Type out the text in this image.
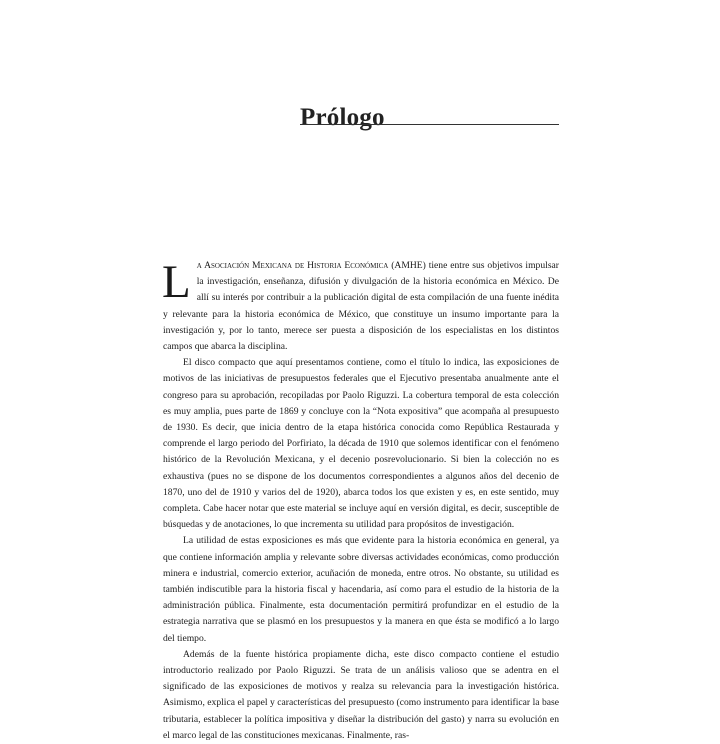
Prólogo

La Asociación Mexicana de Historia Económica (AMHE) tiene entre sus objetivos impulsar la investigación, enseñanza, difusión y divulgación de la historia económica en México. De allí su interés por contribuir a la publicación digital de esta compilación de una fuente inédita y relevante para la historia económica de México, que constituye un insumo importante para la investigación y, por lo tanto, merece ser puesta a disposición de los especialistas en los distintos campos que abarca la disciplina.

El disco compacto que aquí presentamos contiene, como el título lo indica, las exposiciones de motivos de las iniciativas de presupuestos federales que el Ejecutivo presentaba anualmente ante el congreso para su aprobación, recopiladas por Paolo Riguzzi. La cobertura temporal de esta colección es muy amplia, pues parte de 1869 y concluye con la “Nota expositiva” que acompaña al presupuesto de 1930. Es decir, que inicia dentro de la etapa histórica conocida como República Restaurada y comprende el largo periodo del Porfiriato, la década de 1910 que solemos identificar con el fenómeno histórico de la Revolución Mexicana, y el decenio posrevolucionario. Si bien la colección no es exhaustiva (pues no se dispone de los documentos correspondientes a algunos años del decenio de 1870, uno del de 1910 y varios del de 1920), abarca todos los que existen y es, en este sentido, muy completa. Cabe hacer notar que este material se incluye aquí en versión digital, es decir, susceptible de búsquedas y de anotaciones, lo que incrementa su utilidad para propósitos de investigación.

La utilidad de estas exposiciones es más que evidente para la historia económica en general, ya que contiene información amplia y relevante sobre diversas actividades económicas, como producción minera e industrial, comercio exterior, acuñación de moneda, entre otros. No obstante, su utilidad es también indiscutible para la historia fiscal y hacendaria, así como para el estudio de la historia de la administración pública. Finalmente, esta documentación permitirá profundizar en el estudio de la estrategia narrativa que se plasmó en los presupuestos y la manera en que ésta se modificó a lo largo del tiempo.

Además de la fuente histórica propiamente dicha, este disco compacto contiene el estudio introductorio realizado por Paolo Riguzzi. Se trata de un análisis valioso que se adentra en el significado de las exposiciones de motivos y realza su relevancia para la investigación histórica. Asimismo, explica el papel y características del presupuesto (como instrumento para identificar la base tributaria, establecer la política impositiva y diseñar la distribución del gasto) y narra su evolución en el marco legal de las constituciones mexicanas. Finalmente, ras-
